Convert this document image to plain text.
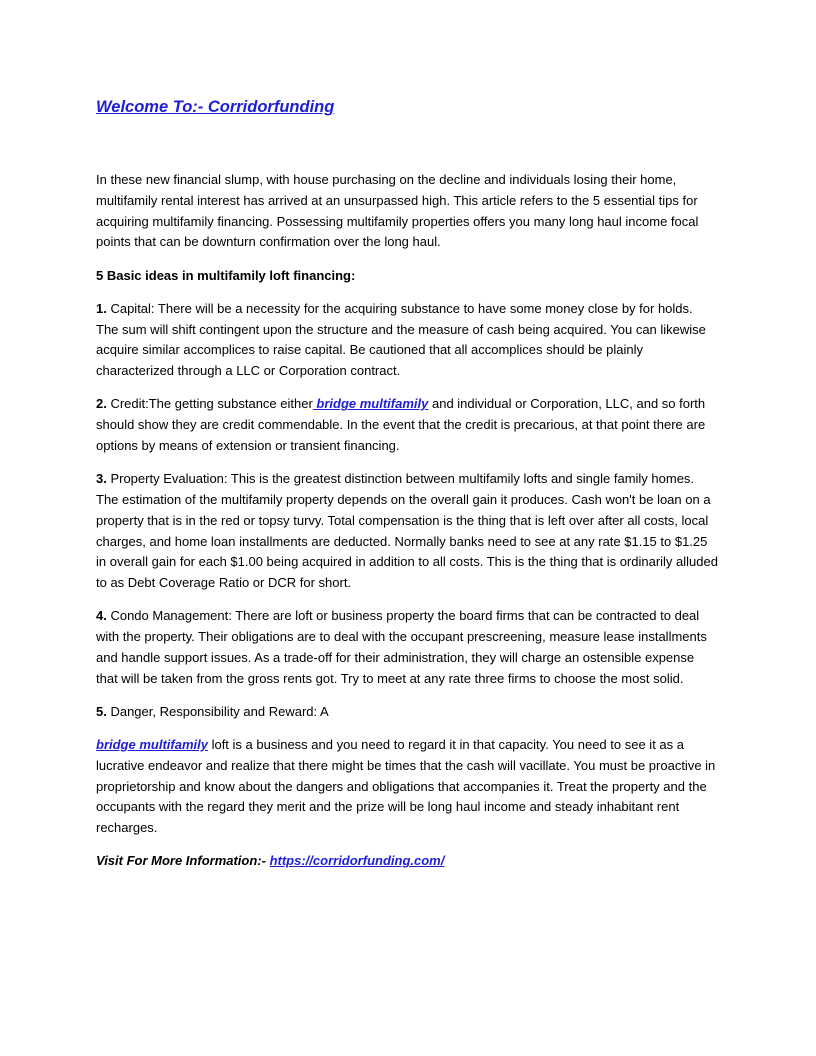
Welcome To:- Corridorfunding

In these new financial slump, with house purchasing on the decline and individuals losing their home, multifamily rental interest has arrived at an unsurpassed high. This article refers to the 5 essential tips for acquiring multifamily financing. Possessing multifamily properties offers you many long haul income focal points that can be downturn confirmation over the long haul.

5 Basic ideas in multifamily loft financing:

1. Capital: There will be a necessity for the acquiring substance to have some money close by for holds. The sum will shift contingent upon the structure and the measure of cash being acquired. You can likewise acquire similar accomplices to raise capital. Be cautioned that all accomplices should be plainly characterized through a LLC or Corporation contract.

2. Credit:The getting substance either bridge multifamily and individual or Corporation, LLC, and so forth should show they are credit commendable. In the event that the credit is precarious, at that point there are options by means of extension or transient financing.

3. Property Evaluation: This is the greatest distinction between multifamily lofts and single family homes. The estimation of the multifamily property depends on the overall gain it produces. Cash won't be loan on a property that is in the red or topsy turvy. Total compensation is the thing that is left over after all costs, local charges, and home loan installments are deducted. Normally banks need to see at any rate $1.15 to $1.25 in overall gain for each $1.00 being acquired in addition to all costs. This is the thing that is ordinarily alluded to as Debt Coverage Ratio or DCR for short.

4. Condo Management: There are loft or business property the board firms that can be contracted to deal with the property. Their obligations are to deal with the occupant prescreening, measure lease installments and handle support issues. As a trade-off for their administration, they will charge an ostensible expense that will be taken from the gross rents got. Try to meet at any rate three firms to choose the most solid.

5. Danger, Responsibility and Reward: A

bridge multifamily loft is a business and you need to regard it in that capacity. You need to see it as a lucrative endeavor and realize that there might be times that the cash will vacillate. You must be proactive in proprietorship and know about the dangers and obligations that accompanies it. Treat the property and the occupants with the regard they merit and the prize will be long haul income and steady inhabitant rent recharges.

Visit For More Information:- https://corridorfunding.com/
